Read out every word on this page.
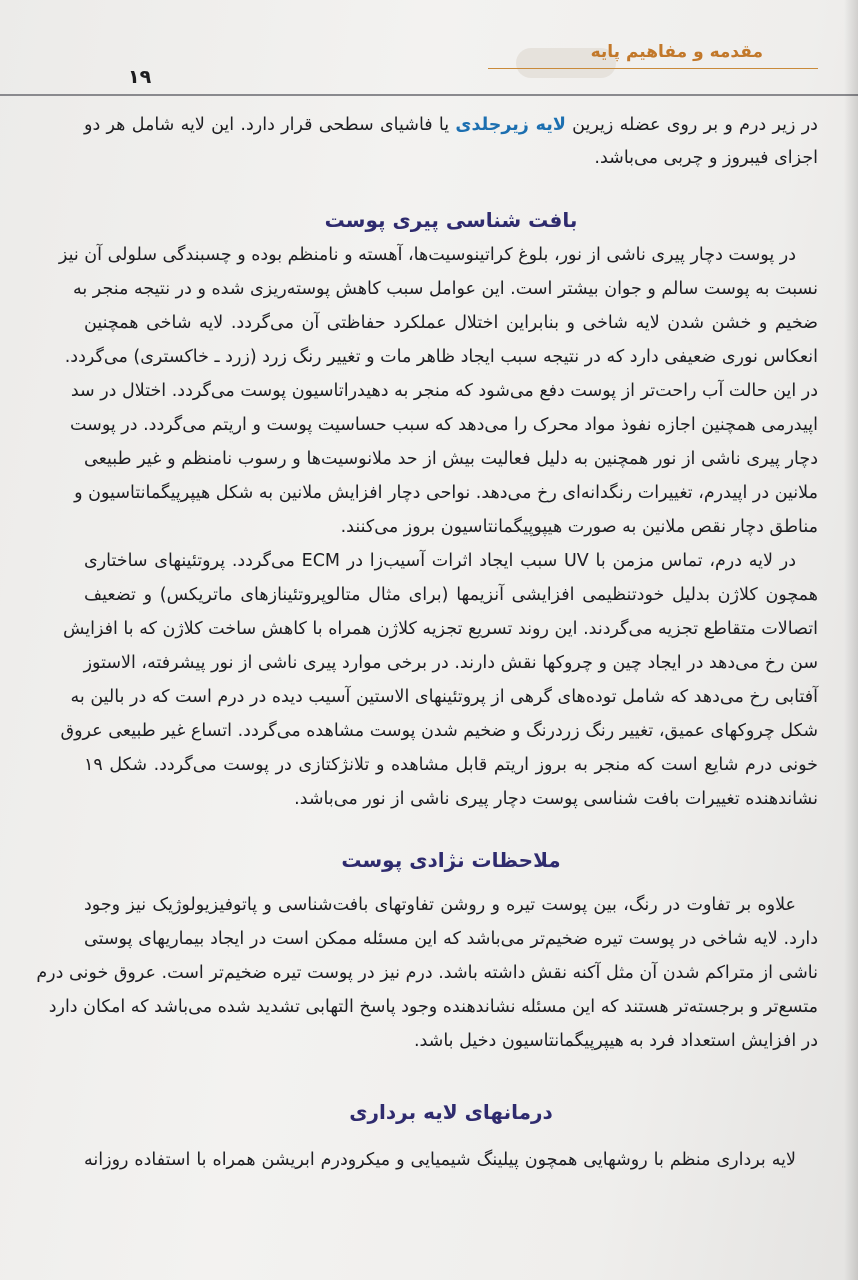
مقدمه و مفاهیم پایه
۱۹
در زیر درم و بر روی عضله زیرین لایه زیرجلدی یا فاشیای سطحی قرار دارد. این لایه شامل هر دو
اجزای فیبروز و چربی می‌باشد.
بافت شناسی پیری پوست
در پوست دچار پیری ناشی از نور، بلوغ کراتینوسیت‌ها، آهسته و نامنظم بوده و چسبندگی سلولی آن نیز
نسبت به پوست سالم و جوان بیشتر است. این عوامل سبب کاهش پوسته‌ریزی شده و در نتیجه منجر به
ضخیم و خشن شدن لایه شاخی و بنابراین اختلال عملکرد حفاظتی آن می‌گردد. لایه شاخی همچنین
انعکاس نوری ضعیفی دارد که در نتیجه سبب ایجاد ظاهر مات و تغییر رنگ زرد (زرد ـ خاکستری) می‌گردد.
در این حالت آب راحت‌تر از پوست دفع می‌شود که منجر به دهیدراتاسیون پوست می‌گردد. اختلال در سد
اپیدرمی همچنین اجازه نفوذ مواد محرک را می‌دهد که سبب حساسیت پوست و اریتم می‌گردد. در پوست
دچار پیری ناشی از نور همچنین به دلیل فعالیت بیش از حد ملانوسیت‌ها و رسوب نامنظم و غیر طبیعی
ملانین در اپیدرم، تغییرات رنگدانه‌ای رخ می‌دهد. نواحی دچار افزایش ملانین به شکل هیپرپیگمانتاسیون و
مناطق دچار نقص ملانین به صورت هیپوپیگمانتاسیون بروز می‌کنند.
در لایه درم، تماس مزمن با UV سبب ایجاد اثرات آسیب‌زا در ECM می‌گردد. پروتئینهای ساختاری
همچون کلاژن بدلیل خودتنظیمی افزایشی آنزیمها (برای مثال متالوپروتئینازهای ماتریکس) و تضعیف
اتصالات متقاطع تجزیه می‌گردند. این روند تسریع تجزیه کلاژن همراه با کاهش ساخت کلاژن که با افزایش
سن رخ می‌دهد در ایجاد چین و چروکها نقش دارند. در برخی موارد پیری ناشی از نور پیشرفته، الاستوز
آفتابی رخ می‌دهد که شامل توده‌های گرهی از پروتئینهای الاستین آسیب دیده در درم است که در بالین به
شکل چروکهای عمیق، تغییر رنگ زردرنگ و ضخیم شدن پوست مشاهده می‌گردد. اتساع غیر طبیعی عروق
خونی درم شایع است که منجر به بروز اریتم قابل مشاهده و تلانژکتازی در پوست می‌گردد. شکل ۱۹
نشاندهنده تغییرات بافت شناسی پوست دچار پیری ناشی از نور می‌باشد.
ملاحظات نژادی پوست
علاوه بر تفاوت در رنگ، بین پوست تیره و روشن تفاوتهای بافت‌شناسی و پاتوفیزیولوژیک نیز وجود
دارد. لایه شاخی در پوست تیره ضخیم‌تر می‌باشد که این مسئله ممکن است در ایجاد بیماریهای پوستی
ناشی از متراکم شدن آن مثل آکنه نقش داشته باشد. درم نیز در پوست تیره ضخیم‌تر است. عروق خونی درم
متسع‌تر و برجسته‌تر هستند که این مسئله نشاندهنده وجود پاسخ التهابی تشدید شده می‌باشد که امکان دارد
در افزایش استعداد فرد به هیپرپیگمانتاسیون دخیل باشد.
درمانهای لایه برداری
لایه برداری منظم با روشهایی همچون پیلینگ شیمیایی و میکرودرم ابریشن همراه با استفاده روزانه
